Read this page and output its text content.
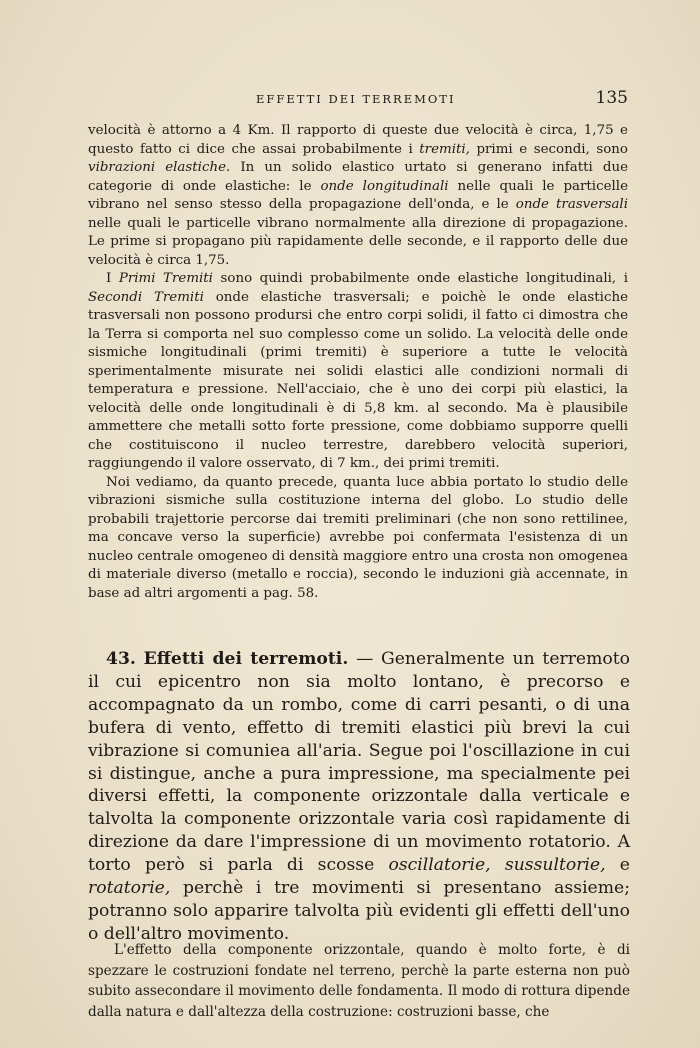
EFFETTI DEI TERREMOTI	135

velocità è attorno a 4 Km. Il rapporto di queste due velocità è circa, 1,75 e questo fatto ci dice che assai probabilmente i tremiti, primi e secondi, sono vibrazioni elastiche. In un solido elastico urtato si generano infatti due categorie di onde elastiche: le onde longitudinali nelle quali le particelle vibrano nel senso stesso della propagazione dell'onda, e le onde trasversali nelle quali le particelle vibrano normalmente alla direzione di propagazione. Le prime si propagano più rapidamente delle seconde, e il rapporto delle due velocità è circa 1,75.

I Primi Tremiti sono quindi probabilmente onde elastiche longitudinali, i Secondi Tremiti onde elastiche trasversali; e poichè le onde elastiche trasversali non possono prodursi che entro corpi solidi, il fatto ci dimostra che la Terra si comporta nel suo complesso come un solido. La velocità delle onde sismiche longitudinali (primi tremiti) è superiore a tutte le velocità sperimentalmente misurate nei solidi elastici alle condizioni normali di temperatura e pressione. Nell'acciaio, che è uno dei corpi più elastici, la velocità delle onde longitudinali è di 5,8 km. al secondo. Ma è plausibile ammettere che metalli sotto forte pressione, come dobbiamo supporre quelli che costituiscono il nucleo terrestre, darebbero velocità superiori, raggiungendo il valore osservato, di 7 km., dei primi tremiti.

Noi vediamo, da quanto precede, quanta luce abbia portato lo studio delle vibrazioni sismiche sulla costituzione interna del globo. Lo studio delle probabili trajettorie percorse dai tremiti preliminari (che non sono rettilinee, ma concave verso la superficie) avrebbe poi confermata l'esistenza di un nucleo centrale omogeneo di densità maggiore entro una crosta non omogenea di materiale diverso (metallo e roccia), secondo le induzioni già accennate, in base ad altri argomenti a pag. 58.

43. Effetti dei terremoti. — Generalmente un terremoto il cui epicentro non sia molto lontano, è precorso e accompagnato da un rombo, come di carri pesanti, o di una bufera di vento, effetto di tremiti elastici più brevi la cui vibrazione si comuniea all'aria. Segue poi l'oscillazione in cui si distingue, anche a pura impressione, ma specialmente pei diversi effetti, la componente orizzontale dalla verticale e talvolta la componente orizzontale varia così rapidamente di direzione da dare l'impressione di un movimento rotatorio. A torto però si parla di scosse oscillatorie, sussultorie, e rotatorie, perchè i tre movimenti si presentano assieme; potranno solo apparire talvolta più evidenti gli effetti dell'uno o dell'altro movimento.

L'effetto della componente orizzontale, quando è molto forte, è di spezzare le costruzioni fondate nel terreno, perchè la parte esterna non può subito assecondare il movimento delle fondamenta. Il modo di rottura dipende dalla natura e dall'altezza della costruzione: costruzioni basse, che
